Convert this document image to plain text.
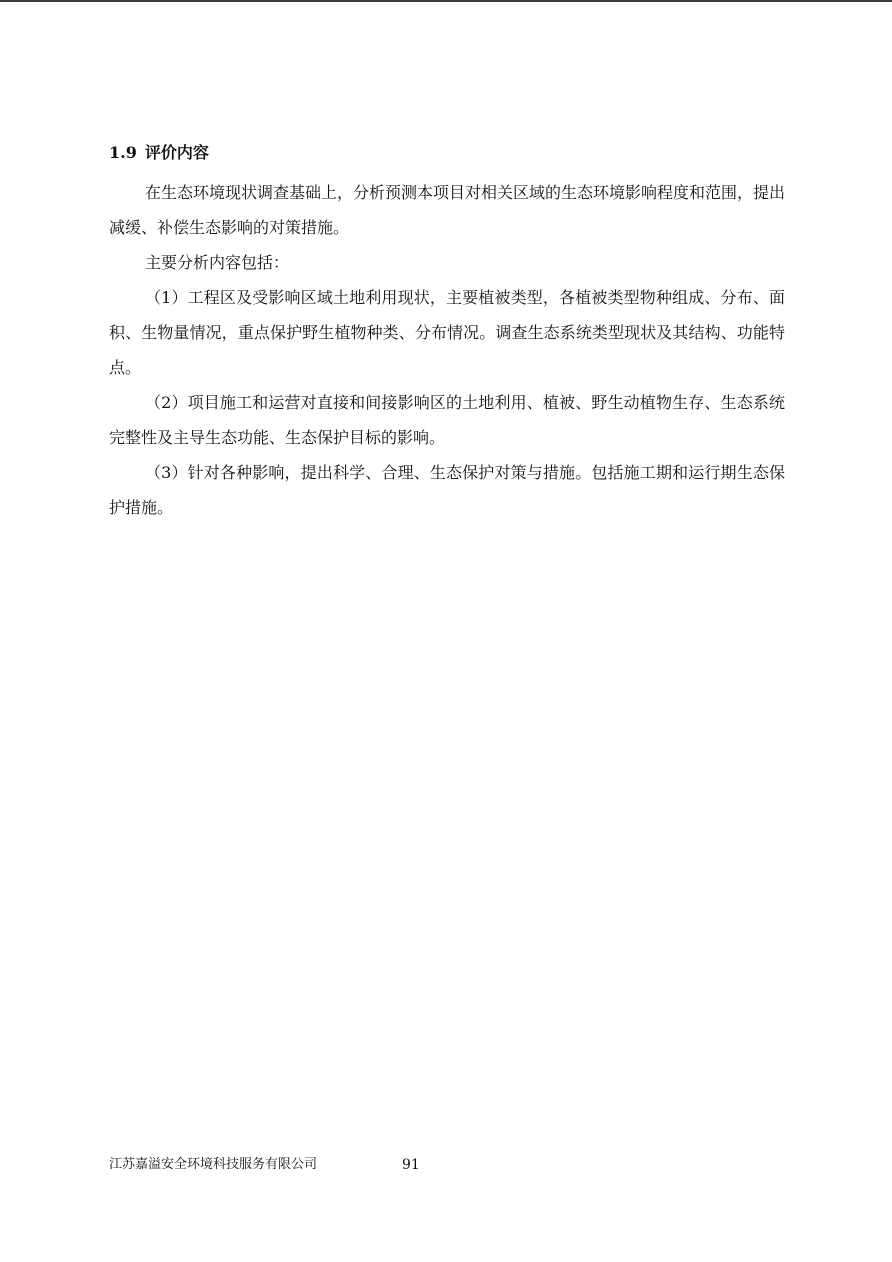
1.9 评价内容

在生态环境现状调查基础上，分析预测本项目对相关区域的生态环境影响程度和范围，提出减缓、补偿生态影响的对策措施。

主要分析内容包括：

（1）工程区及受影响区域土地利用现状，主要植被类型，各植被类型物种组成、分布、面积、生物量情况，重点保护野生植物种类、分布情况。调查生态系统类型现状及其结构、功能特点。

（2）项目施工和运营对直接和间接影响区的土地利用、植被、野生动植物生存、生态系统完整性及主导生态功能、生态保护目标的影响。

（3）针对各种影响，提出科学、合理、生态保护对策与措施。包括施工期和运行期生态保护措施。

江苏嘉溢安全环境科技服务有限公司	91
